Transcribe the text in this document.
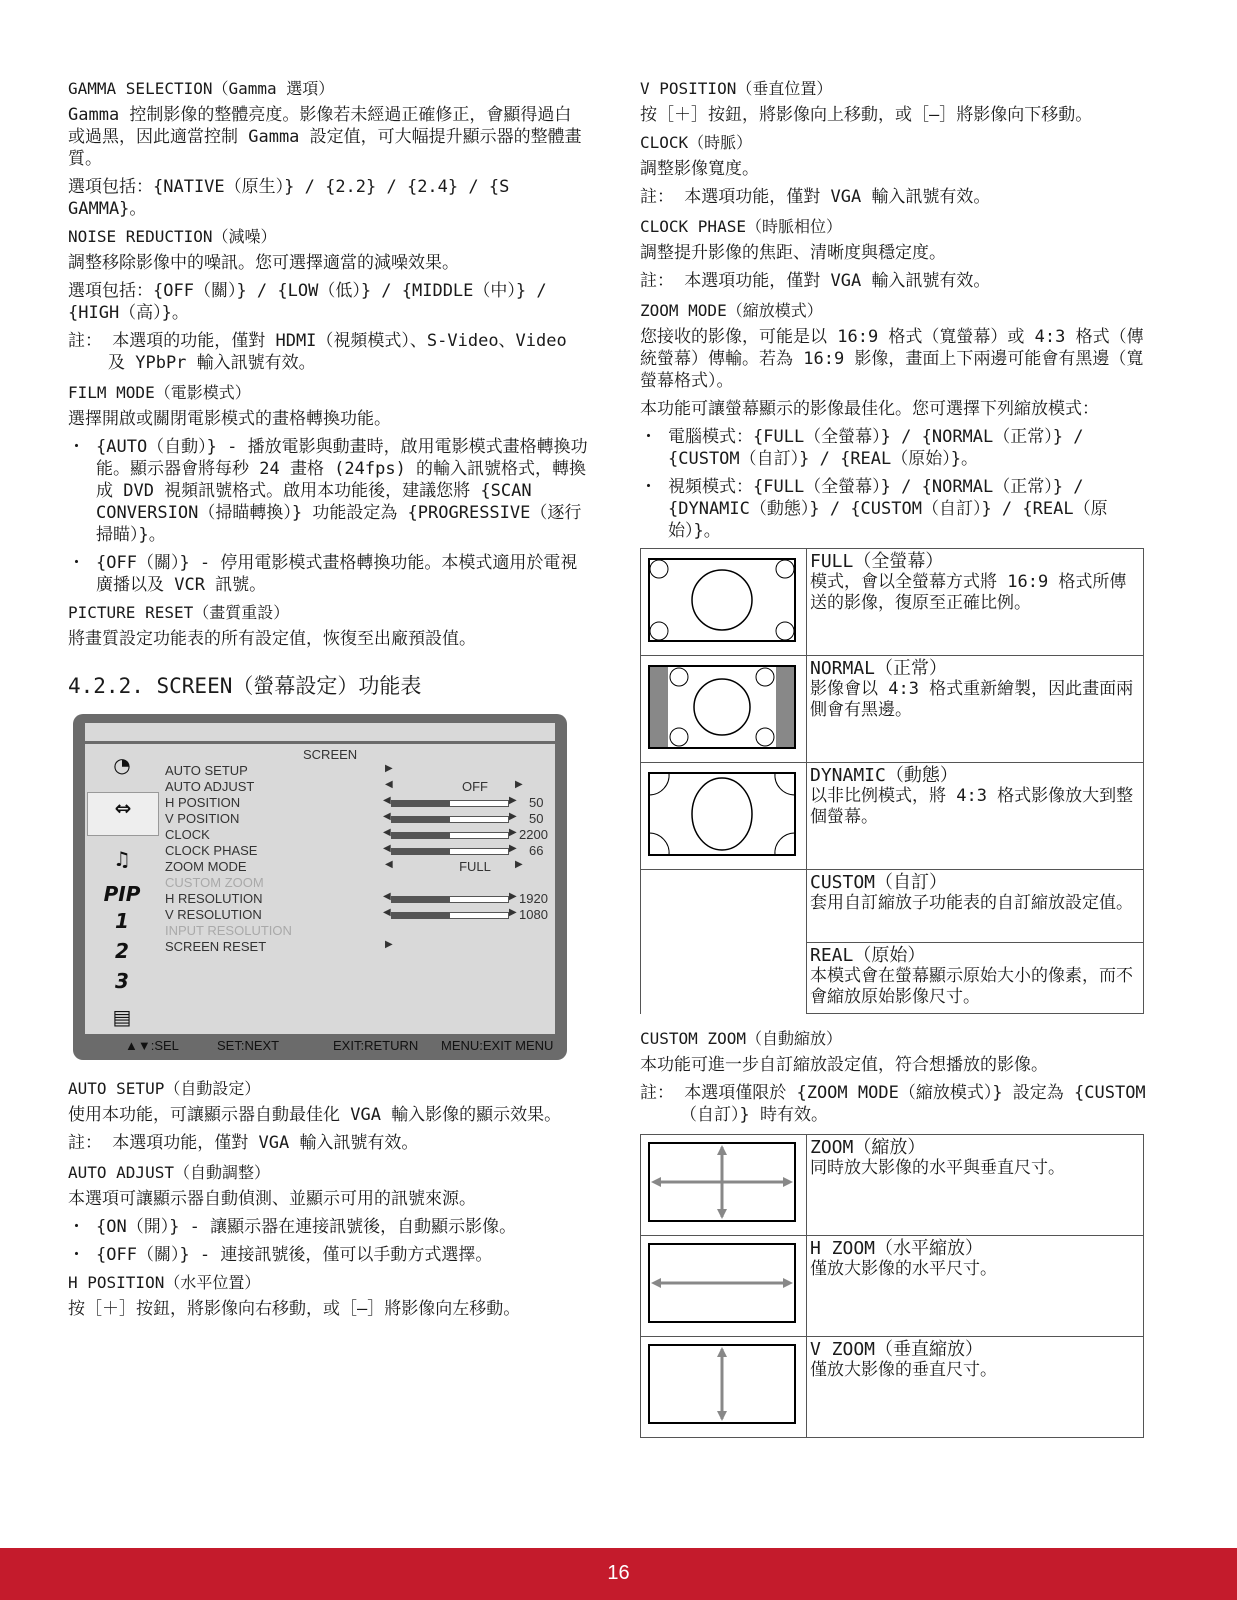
GAMMA SELECTION（Gamma 選項）
Gamma 控制影像的整體亮度。影像若未經過正確修正，會顯得過白或過黑，因此適當控制 Gamma 設定值，可大幅提升顯示器的整體畫質。
選項包括：{NATIVE（原生）} / {2.2} / {2.4} / {S GAMMA}。
NOISE REDUCTION（減噪）
調整移除影像中的噪訊。您可選擇適當的減噪效果。
選項包括：{OFF（關）} / {LOW（低）} / {MIDDLE（中）} / {HIGH（高）}。
註： 本選項的功能，僅對 HDMI（視頻模式）、S-Video、Video 及 YPbPr 輸入訊號有效。
FILM MODE（電影模式）
選擇開啟或關閉電影模式的畫格轉換功能。
・ {AUTO（自動）} - 播放電影與動畫時，啟用電影模式畫格轉換功能。顯示器會將每秒 24 畫格 (24fps) 的輸入訊號格式，轉換成 DVD 視頻訊號格式。啟用本功能後，建議您將 {SCAN CONVERSION（掃瞄轉換）} 功能設定為 {PROGRESSIVE（逐行掃瞄）}。
・ {OFF（關）} - 停用電影模式畫格轉換功能。本模式適用於電視廣播以及 VCR 訊號。
PICTURE RESET（畫質重設）
將畫質設定功能表的所有設定值，恢復至出廠預設值。
4.2.2. SCREEN（螢幕設定）功能表
◔
⇔
♫
PIP
1
2
3
▤
SCREEN
AUTO SETUP	▶
AUTO ADJUST	◀	OFF	▶
H POSITION	◀	▶ 50
V POSITION	◀	▶ 50
CLOCK	◀	▶ 2200
CLOCK PHASE	◀	▶ 66
ZOOM MODE	◀	FULL	▶
CUSTOM ZOOM
H RESOLUTION	◀	▶ 1920
V RESOLUTION	◀	▶ 1080
INPUT RESOLUTION
SCREEN RESET	▶
▲▼:SEL	SET:NEXT	EXIT:RETURN MENU:EXIT MENU
AUTO SETUP（自動設定）
使用本功能，可讓顯示器自動最佳化 VGA 輸入影像的顯示效果。
註： 本選項功能，僅對 VGA 輸入訊號有效。
AUTO ADJUST（自動調整）
本選項可讓顯示器自動偵測、並顯示可用的訊號來源。
・ {ON（開）} - 讓顯示器在連接訊號後，自動顯示影像。
・ {OFF（關）} - 連接訊號後，僅可以手動方式選擇。
H POSITION（水平位置）
按［＋］按鈕，將影像向右移動，或［—］將影像向左移動。
V POSITION（垂直位置）
按［＋］按鈕，將影像向上移動，或［—］將影像向下移動。
CLOCK（時脈）
調整影像寬度。
註： 本選項功能，僅對 VGA 輸入訊號有效。
CLOCK PHASE（時脈相位）
調整提升影像的焦距、清晰度與穩定度。
註： 本選項功能，僅對 VGA 輸入訊號有效。
ZOOM MODE（縮放模式）
您接收的影像，可能是以 16:9 格式（寬螢幕）或 4:3 格式（傳統螢幕）傳輸。若為 16:9 影像，畫面上下兩邊可能會有黑邊（寬螢幕格式）。
本功能可讓螢幕顯示的影像最佳化。您可選擇下列縮放模式：
・ 電腦模式：{FULL（全螢幕）} / {NORMAL（正常）} / {CUSTOM（自訂）} / {REAL（原始）}。
・ 視頻模式：{FULL（全螢幕）} / {NORMAL（正常）} / {DYNAMIC（動態）} / {CUSTOM（自訂）} / {REAL（原始）}。

FULL（全螢幕）
模式，會以全螢幕方式將 16:9 格式所傳送的影像，復原至正確比例。

NORMAL（正常）
影像會以 4:3 格式重新繪製，因此畫面兩側會有黑邊。

DYNAMIC（動態）
以非比例模式，將 4:3 格式影像放大到整個螢幕。

	CUSTOM（自訂）
套用自訂縮放子功能表的自訂縮放設定值。

	REAL（原始）
本模式會在螢幕顯示原始大小的像素，而不會縮放原始影像尺寸。
CUSTOM ZOOM（自動縮放）
本功能可進一步自訂縮放設定值，符合想播放的影像。
註： 本選項僅限於 {ZOOM MODE（縮放模式）} 設定為 {CUSTOM（自訂）} 時有效。

ZOOM（縮放）
同時放大影像的水平與垂直尺寸。

H ZOOM（水平縮放）
僅放大影像的水平尺寸。

V ZOOM（垂直縮放）
僅放大影像的垂直尺寸。
16
